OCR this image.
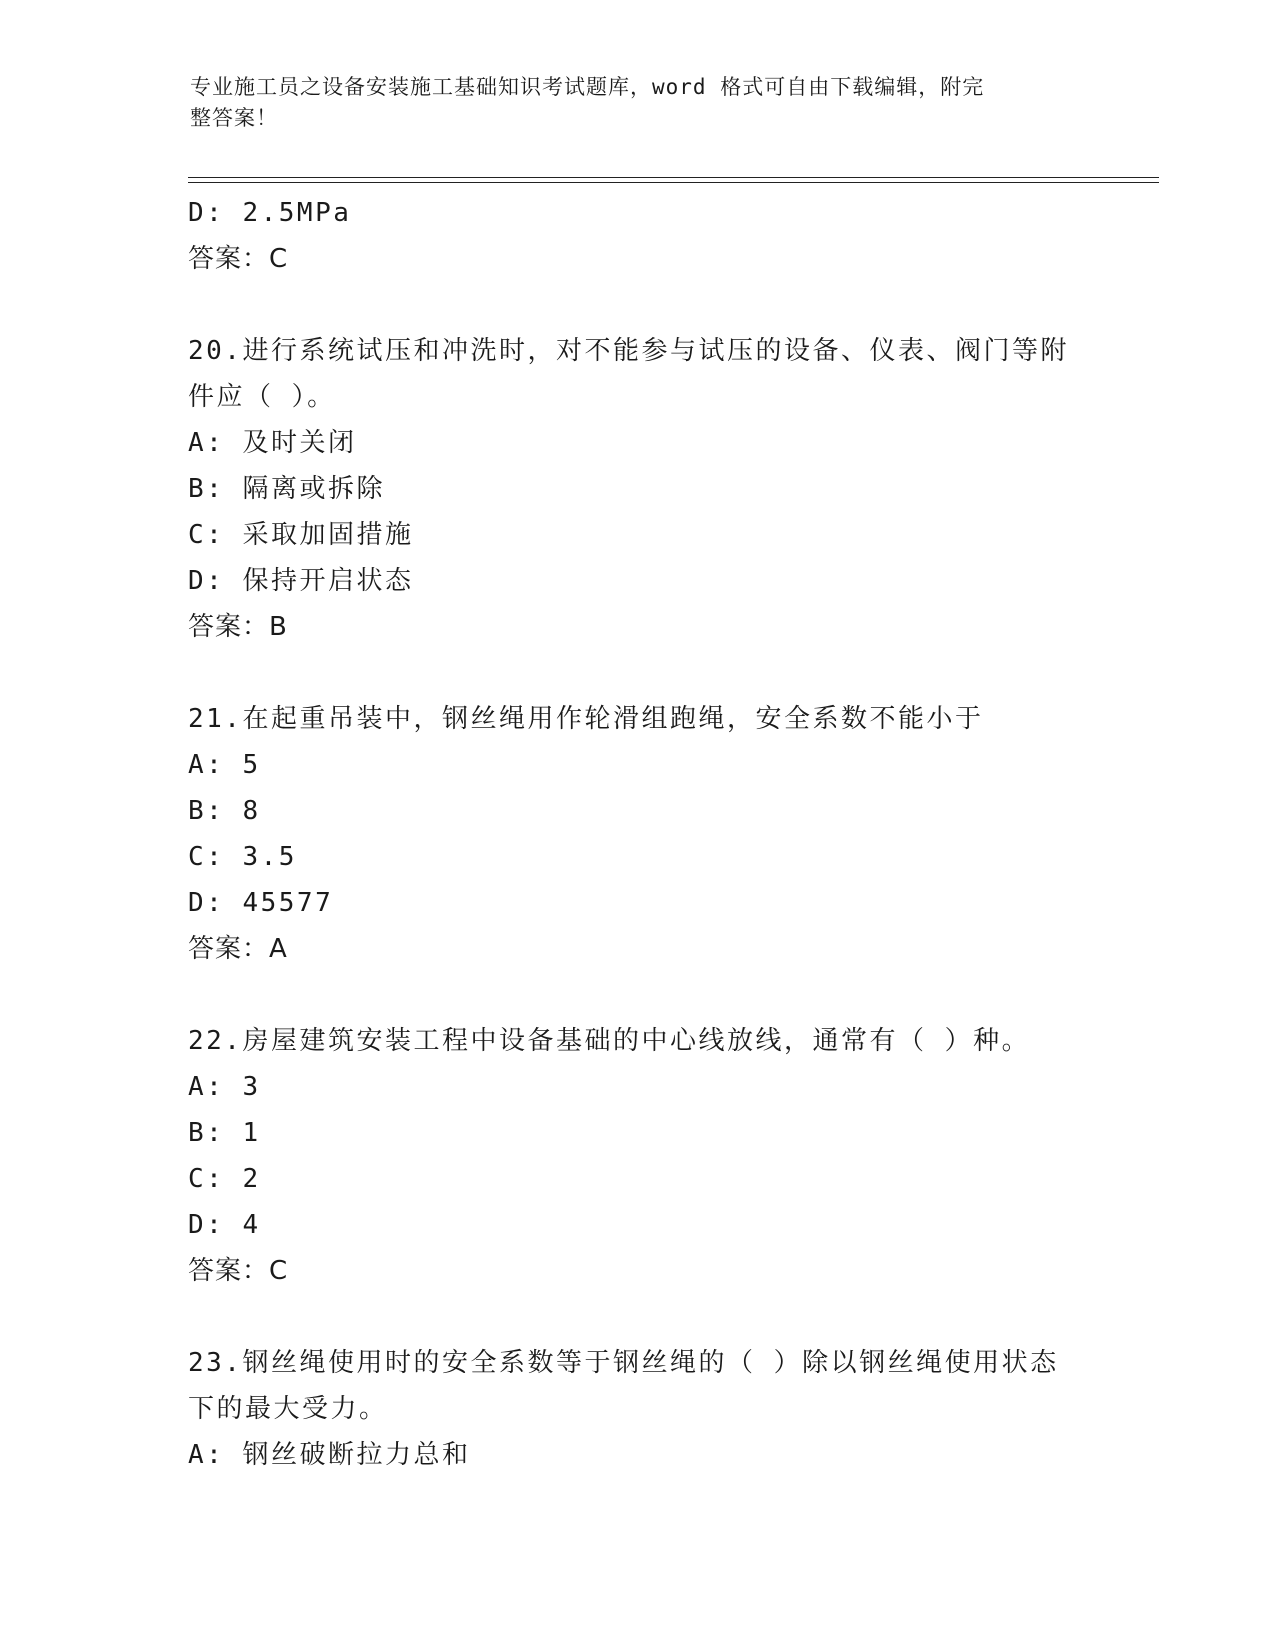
专业施工员之设备安装施工基础知识考试题库，word 格式可自由下载编辑，附完
整答案！
D: 2.5MPa
答案：C
20.进行系统试压和冲洗时，对不能参与试压的设备、仪表、阀门等附
件应（ ）。
A: 及时关闭
B: 隔离或拆除
C: 采取加固措施
D: 保持开启状态
答案：B
21.在起重吊装中，钢丝绳用作轮滑组跑绳，安全系数不能小于
A: 5
B: 8
C: 3.5
D: 45577
答案：A
22.房屋建筑安装工程中设备基础的中心线放线，通常有（ ）种。
A: 3
B: 1
C: 2
D: 4
答案：C
23.钢丝绳使用时的安全系数等于钢丝绳的（ ）除以钢丝绳使用状态
下的最大受力。
A: 钢丝破断拉力总和
